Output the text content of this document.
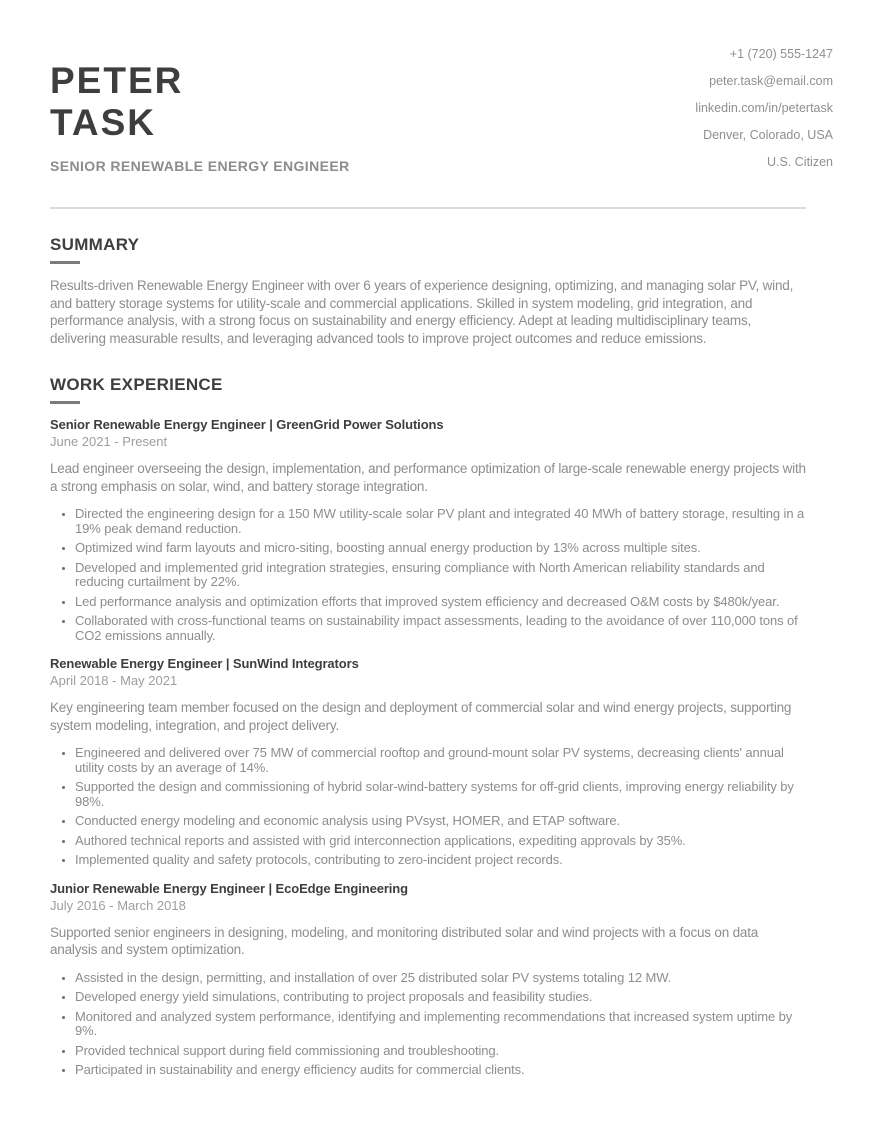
PETER
TASK
SENIOR RENEWABLE ENERGY ENGINEER
+1 (720) 555-1247
peter.task@email.com
linkedin.com/in/petertask
Denver, Colorado, USA
U.S. Citizen
SUMMARY

Results-driven Renewable Energy Engineer with over 6 years of experience designing, optimizing, and managing solar PV, wind, and battery storage systems for utility-scale and commercial applications. Skilled in system modeling, grid integration, and performance analysis, with a strong focus on sustainability and energy efficiency. Adept at leading multidisciplinary teams, delivering measurable results, and leveraging advanced tools to improve project outcomes and reduce emissions.

WORK EXPERIENCE
Senior Renewable Energy Engineer | GreenGrid Power Solutions
June 2021 - Present

Lead engineer overseeing the design, implementation, and performance optimization of large-scale renewable energy projects with a strong emphasis on solar, wind, and battery storage integration.

• Directed the engineering design for a 150 MW utility-scale solar PV plant and integrated 40 MWh of battery storage, resulting in a 19% peak demand reduction.
• Optimized wind farm layouts and micro-siting, boosting annual energy production by 13% across multiple sites.
• Developed and implemented grid integration strategies, ensuring compliance with North American reliability standards and reducing curtailment by 22%.
• Led performance analysis and optimization efforts that improved system efficiency and decreased O&M costs by $480k/year.
• Collaborated with cross-functional teams on sustainability impact assessments, leading to the avoidance of over 110,000 tons of CO2 emissions annually.
Renewable Energy Engineer | SunWind Integrators
April 2018 - May 2021

Key engineering team member focused on the design and deployment of commercial solar and wind energy projects, supporting system modeling, integration, and project delivery.

• Engineered and delivered over 75 MW of commercial rooftop and ground-mount solar PV systems, decreasing clients' annual utility costs by an average of 14%.
• Supported the design and commissioning of hybrid solar-wind-battery systems for off-grid clients, improving energy reliability by 98%.
• Conducted energy modeling and economic analysis using PVsyst, HOMER, and ETAP software.
• Authored technical reports and assisted with grid interconnection applications, expediting approvals by 35%.
• Implemented quality and safety protocols, contributing to zero-incident project records.
Junior Renewable Energy Engineer | EcoEdge Engineering
July 2016 - March 2018

Supported senior engineers in designing, modeling, and monitoring distributed solar and wind projects with a focus on data analysis and system optimization.

• Assisted in the design, permitting, and installation of over 25 distributed solar PV systems totaling 12 MW.
• Developed energy yield simulations, contributing to project proposals and feasibility studies.
• Monitored and analyzed system performance, identifying and implementing recommendations that increased system uptime by 9%.
• Provided technical support during field commissioning and troubleshooting.
• Participated in sustainability and energy efficiency audits for commercial clients.
